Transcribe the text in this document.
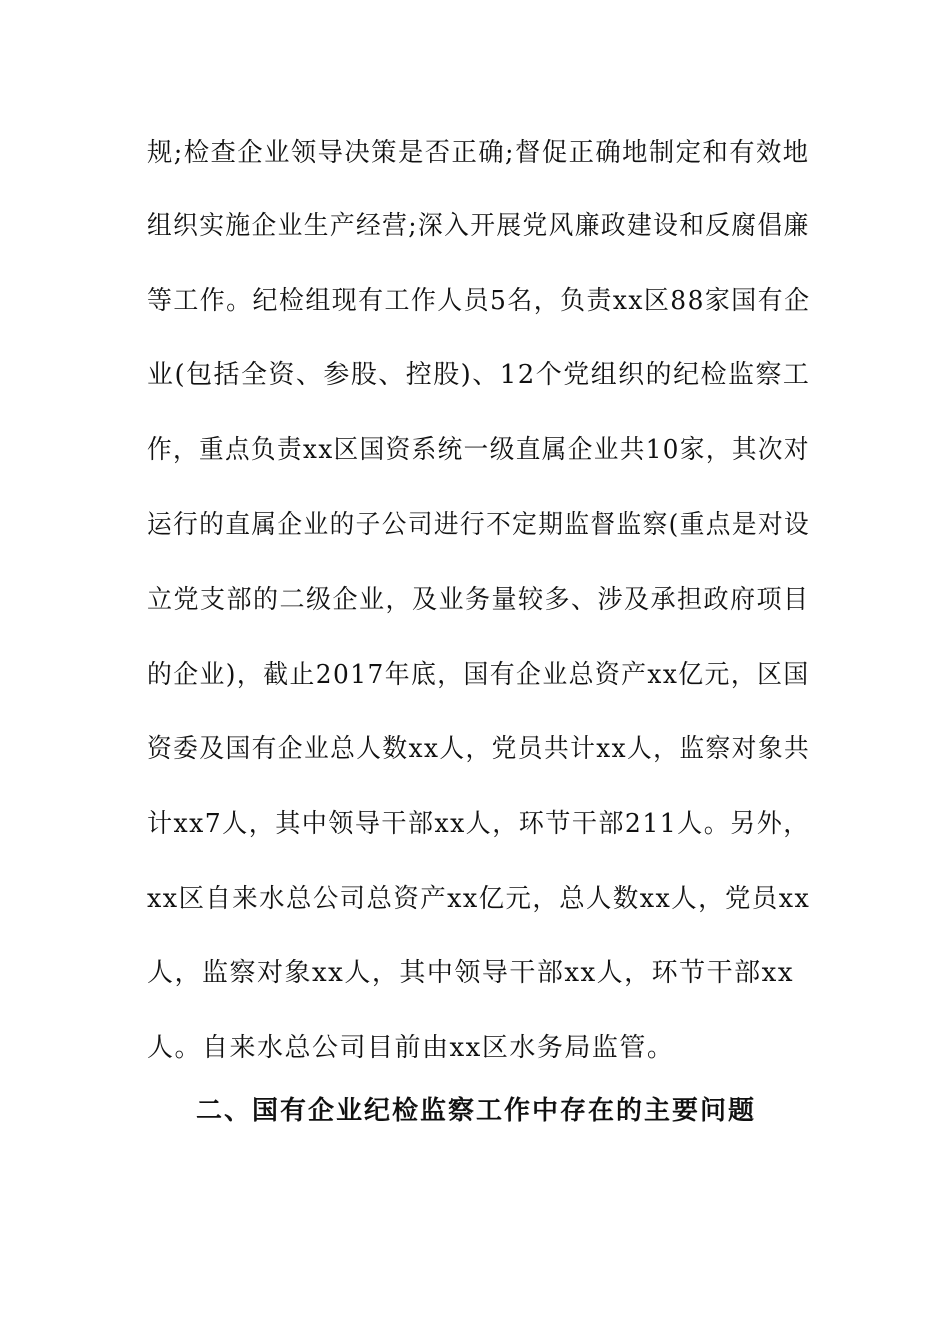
规;检查企业领导决策是否正确;督促正确地制定和有效地
组织实施企业生产经营;深入开展党风廉政建设和反腐倡廉
等工作。纪检组现有工作人员5名，负责xx区88家国有企
业(包括全资、参股、控股)、12个党组织的纪检监察工
作，重点负责xx区国资系统一级直属企业共10家，其次对
运行的直属企业的子公司进行不定期监督监察(重点是对设
立党支部的二级企业，及业务量较多、涉及承担政府项目
的企业)，截止2017年底，国有企业总资产xx亿元，区国
资委及国有企业总人数xx人，党员共计xx人，监察对象共
计xx7人，其中领导干部xx人，环节干部211人。另外，
xx区自来水总公司总资产xx亿元，总人数xx人，党员xx
人，监察对象xx人，其中领导干部xx人，环节干部xx
人。自来水总公司目前由xx区水务局监管。
二、国有企业纪检监察工作中存在的主要问题
